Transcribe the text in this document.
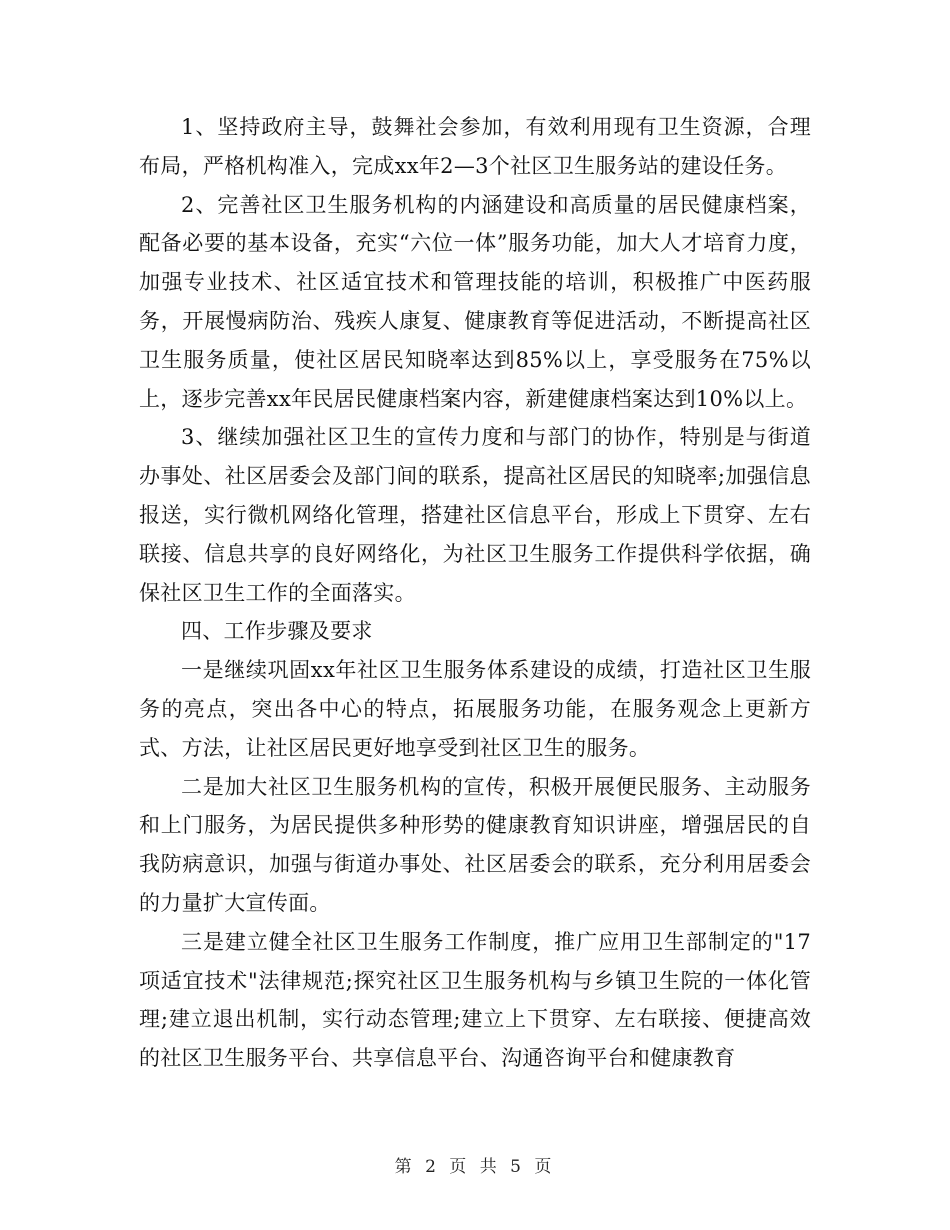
1、坚持政府主导，鼓舞社会参加，有效利用现有卫生资源，合理布局，严格机构准入，完成xx年2—3个社区卫生服务站的建设任务。

2、完善社区卫生服务机构的内涵建设和高质量的居民健康档案，配备必要的基本设备，充实“六位一体”服务功能，加大人才培育力度，加强专业技术、社区适宜技术和管理技能的培训，积极推广中医药服务，开展慢病防治、残疾人康复、健康教育等促进活动，不断提高社区卫生服务质量，使社区居民知晓率达到85%以上，享受服务在75%以上，逐步完善xx年民居民健康档案内容，新建健康档案达到10%以上。

3、继续加强社区卫生的宣传力度和与部门的协作，特别是与街道办事处、社区居委会及部门间的联系，提高社区居民的知晓率;加强信息报送，实行微机网络化管理，搭建社区信息平台，形成上下贯穿、左右联接、信息共享的良好网络化，为社区卫生服务工作提供科学依据，确保社区卫生工作的全面落实。

四、工作步骤及要求

一是继续巩固xx年社区卫生服务体系建设的成绩，打造社区卫生服务的亮点，突出各中心的特点，拓展服务功能，在服务观念上更新方式、方法，让社区居民更好地享受到社区卫生的服务。

二是加大社区卫生服务机构的宣传，积极开展便民服务、主动服务和上门服务，为居民提供多种形势的健康教育知识讲座，增强居民的自我防病意识，加强与街道办事处、社区居委会的联系，充分利用居委会的力量扩大宣传面。

三是建立健全社区卫生服务工作制度，推广应用卫生部制定的"17项适宜技术"法律规范;探究社区卫生服务机构与乡镇卫生院的一体化管理;建立退出机制，实行动态管理;建立上下贯穿、左右联接、便捷高效的社区卫生服务平台、共享信息平台、沟通咨询平台和健康教育

第 2 页 共 5 页
